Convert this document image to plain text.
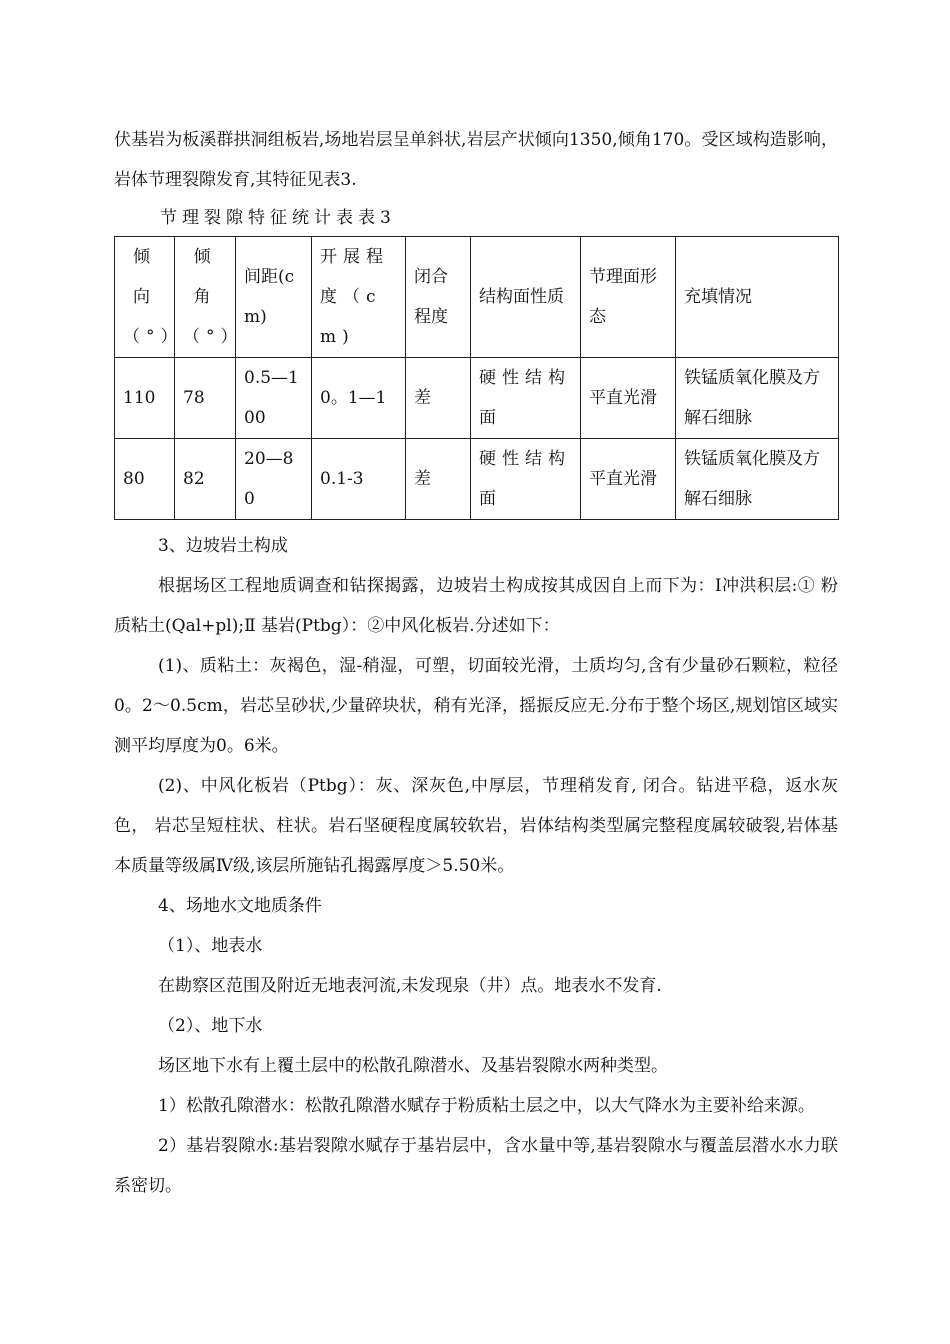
伏基岩为板溪群拱洞组板岩,场地岩层呈单斜状,岩层产状倾向1350,倾角170。受区域构造影响，岩体节理裂隙发育,其特征见表3.

节理裂隙特征统计表表3
倾向（°）	倾角（°）	间距(cm)	开展程度（cm)	闭合程度	结构面性质	节理面形态	充填情况
110	78	0.5—100	0。1—1	差	硬性结构面	平直光滑	铁锰质氧化膜及方解石细脉
80	82	20—80	0.1-3	差	硬性结构面	平直光滑	铁锰质氧化膜及方解石细脉

3、边坡岩土构成

根据场区工程地质调查和钻探揭露，边坡岩土构成按其成因自上而下为：Ⅰ冲洪积层:① 粉质粘土(Qal+pl);Ⅱ 基岩(Ptbg）：②中风化板岩.分述如下：

(1)、质粘土：灰褐色，湿-稍湿，可塑，切面较光滑，土质均匀,含有少量砂石颗粒，粒径0。2～0.5cm，岩芯呈砂状,少量碎块状，稍有光泽，摇振反应无.分布于整个场区,规划馆区域实测平均厚度为0。6米。

(2)、中风化板岩（Ptbg）：灰、深灰色,中厚层，节理稍发育, 闭合。钻进平稳，返水灰色， 岩芯呈短柱状、柱状。岩石坚硬程度属较软岩，岩体结构类型属完整程度属较破裂,岩体基本质量等级属Ⅳ级,该层所施钻孔揭露厚度＞5.50米。

4、场地水文地质条件

（1）、地表水

在勘察区范围及附近无地表河流,未发现泉（井）点。地表水不发育.

（2）、地下水

场区地下水有上覆土层中的松散孔隙潜水、及基岩裂隙水两种类型。

1）松散孔隙潜水：松散孔隙潜水赋存于粉质粘土层之中，以大气降水为主要补给来源。

2）基岩裂隙水:基岩裂隙水赋存于基岩层中，含水量中等,基岩裂隙水与覆盖层潜水水力联系密切。
